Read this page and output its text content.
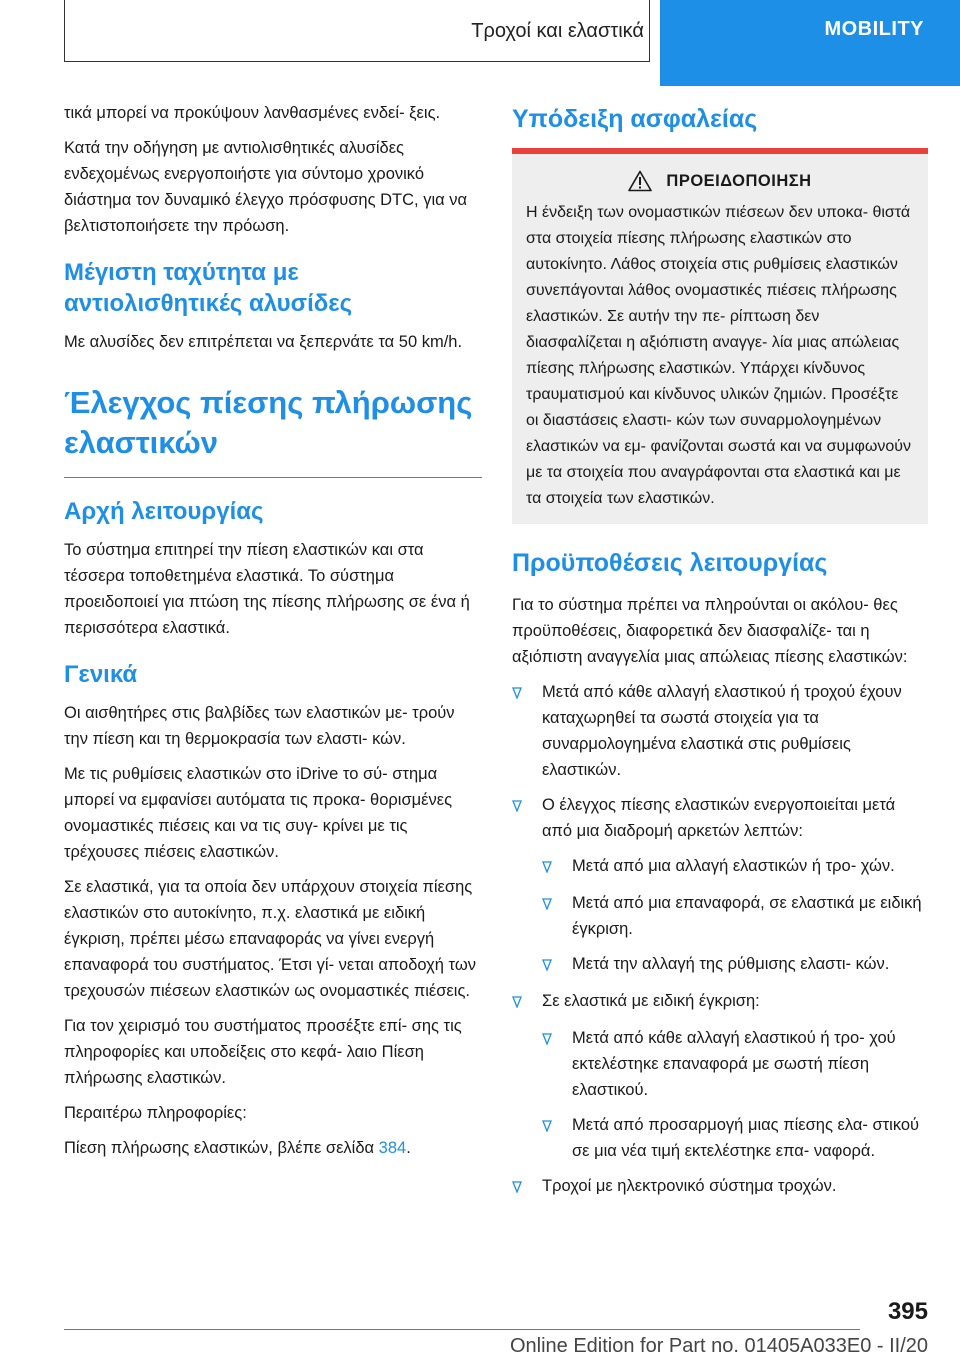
Τροχοί και ελαστικά	MOBILITY

τικά μπορεί να προκύψουν λανθασμένες ενδεί‐ ξεις.

Κατά την οδήγηση με αντιολισθητικές αλυσίδες ενδεχομένως ενεργοποιήστε για σύντομο χρονικό διάστημα τον δυναμικό έλεγχο πρόσφυσης DTC, για να βελτιστοποιήσετε την πρόωση.

Μέγιστη ταχύτητα με αντιολισθητικές αλυσίδες

Με αλυσίδες δεν επιτρέπεται να ξεπερνάτε τα 50 km/h.

Έλεγχος πίεσης πλήρωσης ελαστικών
Αρχή λειτουργίας

Το σύστημα επιτηρεί την πίεση ελαστικών και στα τέσσερα τοποθετημένα ελαστικά. Το σύστημα προειδοποιεί για πτώση της πίεσης πλήρωσης σε ένα ή περισσότερα ελαστικά.

Γενικά

Οι αισθητήρες στις βαλβίδες των ελαστικών με‐ τρούν την πίεση και τη θερμοκρασία των ελαστι‐ κών.

Με τις ρυθμίσεις ελαστικών στο iDrive το σύ‐ στημα μπορεί να εμφανίσει αυτόματα τις προκα‐ θορισμένες ονομαστικές πιέσεις και να τις συγ‐ κρίνει με τις τρέχουσες πιέσεις ελαστικών.

Σε ελαστικά, για τα οποία δεν υπάρχουν στοιχεία πίεσης ελαστικών στο αυτοκίνητο, π.χ. ελαστικά με ειδική έγκριση, πρέπει μέσω επαναφοράς να γίνει ενεργή επαναφορά του συστήματος. Έτσι γί‐ νεται αποδοχή των τρεχουσών πιέσεων ελαστικών ως ονομαστικές πιέσεις.

Για τον χειρισμό του συστήματος προσέξτε επί‐ σης τις πληροφορίες και υποδείξεις στο κεφά‐ λαιο Πίεση πλήρωσης ελαστικών.

Περαιτέρω πληροφορίες:

Πίεση πλήρωσης ελαστικών, βλέπε σελίδα 384.

Υπόδειξη ασφαλείας
ΠΡΟΕΙΔΟΠΟΙΗΣΗ

Η ένδειξη των ονομαστικών πιέσεων δεν υποκα‐ θιστά στα στοιχεία πίεσης πλήρωσης ελαστικών στο αυτοκίνητο. Λάθος στοιχεία στις ρυθμίσεις ελαστικών συνεπάγονται λάθος ονομαστικές πιέσεις πλήρωσης ελαστικών. Σε αυτήν την πε‐ ρίπτωση δεν διασφαλίζεται η αξιόπιστη αναγγε‐ λία μιας απώλειας πίεσης πλήρωσης ελαστικών. Υπάρχει κίνδυνος τραυματισμού και κίνδυνος υλικών ζημιών. Προσέξτε οι διαστάσεις ελαστι‐ κών των συναρμολογημένων ελαστικών να εμ‐ φανίζονται σωστά και να συμφωνούν με τα στοιχεία που αναγράφονται στα ελαστικά και με τα στοιχεία των ελαστικών.

Προϋποθέσεις λειτουργίας

Για το σύστημα πρέπει να πληρούνται οι ακόλου‐ θες προϋποθέσεις, διαφορετικά δεν διασφαλίζε‐ ται η αξιόπιστη αναγγελία μιας απώλειας πίεσης ελαστικών:

Μετά από κάθε αλλαγή ελαστικού ή τροχού έχουν καταχωρηθεί τα σωστά στοιχεία για τα συναρμολογημένα ελαστικά στις ρυθμίσεις ελαστικών.
Ο έλεγχος πίεσης ελαστικών ενεργοποιείται μετά από μια διαδρομή αρκετών λεπτών:
Μετά από μια αλλαγή ελαστικών ή τρο‐ χών.
Μετά από μια επαναφορά, σε ελαστικά με ειδική έγκριση.
Μετά την αλλαγή της ρύθμισης ελαστι‐ κών.
Σε ελαστικά με ειδική έγκριση:
Μετά από κάθε αλλαγή ελαστικού ή τρο‐ χού εκτελέστηκε επαναφορά με σωστή πίεση ελαστικού.
Μετά από προσαρμογή μιας πίεσης ελα‐ στικού σε μια νέα τιμή εκτελέστηκε επα‐ ναφορά.
Τροχοί με ηλεκτρονικό σύστημα τροχών.
395
Online Edition for Part no. 01405A033E0 - II/20
